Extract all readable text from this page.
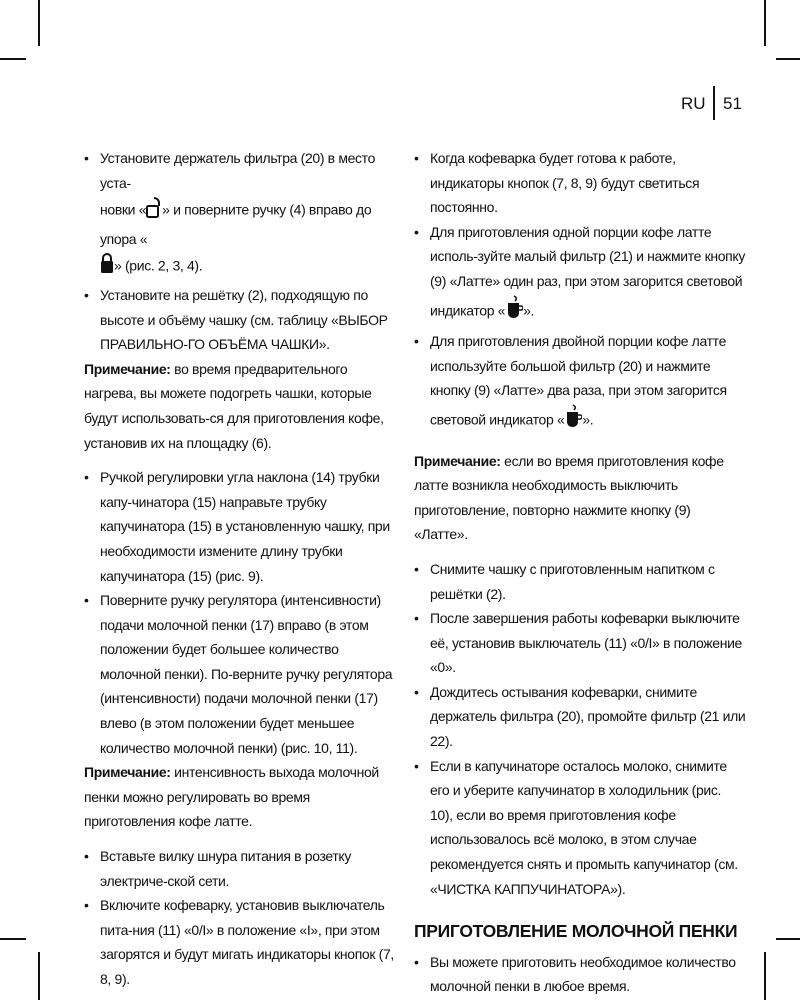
RU 51

• Установите держатель фильтра (20) в место уста-
новки « » и поверните ручку (4) вправо до упора «
» (рис. 2, 3, 4).

• Установите на решётку (2), подходящую по высоте и объёму чашку (см. таблицу «ВЫБОР ПРАВИЛЬНО-ГО ОБЪЁМА ЧАШКИ».

Примечание: во время предварительного нагрева, вы можете подогреть чашки, которые будут использовать-ся для приготовления кофе, установив их на площадку (6).

• Ручкой регулировки угла наклона (14) трубки капу-чинатора (15) направьте трубку капучинатора (15) в установленную чашку, при необходимости измените длину трубки капучинатора (15) (рис. 9).

• Поверните ручку регулятора (интенсивности) подачи молочной пенки (17) вправо (в этом положении будет большее количество молочной пенки). По-верните ручку регулятора (интенсивности) подачи молочной пенки (17) влево (в этом положении будет меньшее количество молочной пенки) (рис. 10, 11).

Примечание: интенсивность выхода молочной пенки можно регулировать во время приготовления кофе латте.

• Вставьте вилку шнура питания в розетку электриче-ской сети.

• Включите кофеварку, установив выключатель пита-ния (11) «0/I» в положение «I», при этом загорятся и будут мигать индикаторы кнопок (7, 8, 9).

• Когда кофеварка будет готова к работе, индикаторы кнопок (7, 8, 9) будут светиться постоянно.

• Для приготовления одной порции кофе латте исполь-зуйте малый фильтр (21) и нажмите кнопку (9) «Латте» один раз, при этом загорится световой индикатор « ».

• Для приготовления двойной порции кофе латте используйте большой фильтр (20) и нажмите кнопку (9) «Латте» два раза, при этом загорится световой индикатор « ».

Примечание: если во время приготовления кофе латте возникла необходимость выключить приготовление, повторно нажмите кнопку (9) «Латте».

• Снимите чашку с приготовленным напитком с решётки (2).

• После завершения работы кофеварки выключите её, установив выключатель (11) «0/I» в положение «0».

• Дождитесь остывания кофеварки, снимите держатель фильтра (20), промойте фильтр (21 или 22).

• Если в капучинаторе осталось молоко, снимите его и уберите капучинатор в холодильник (рис. 10), если во время приготовления кофе использовалось всё молоко, в этом случае рекомендуется снять и промыть капучинатор (см. «ЧИСТКА КАППУЧИНАТОРА»).

ПРИГОТОВЛЕНИЕ МОЛОЧНОЙ ПЕНКИ

• Вы можете приготовить необходимое количество молочной пенки в любое время.
